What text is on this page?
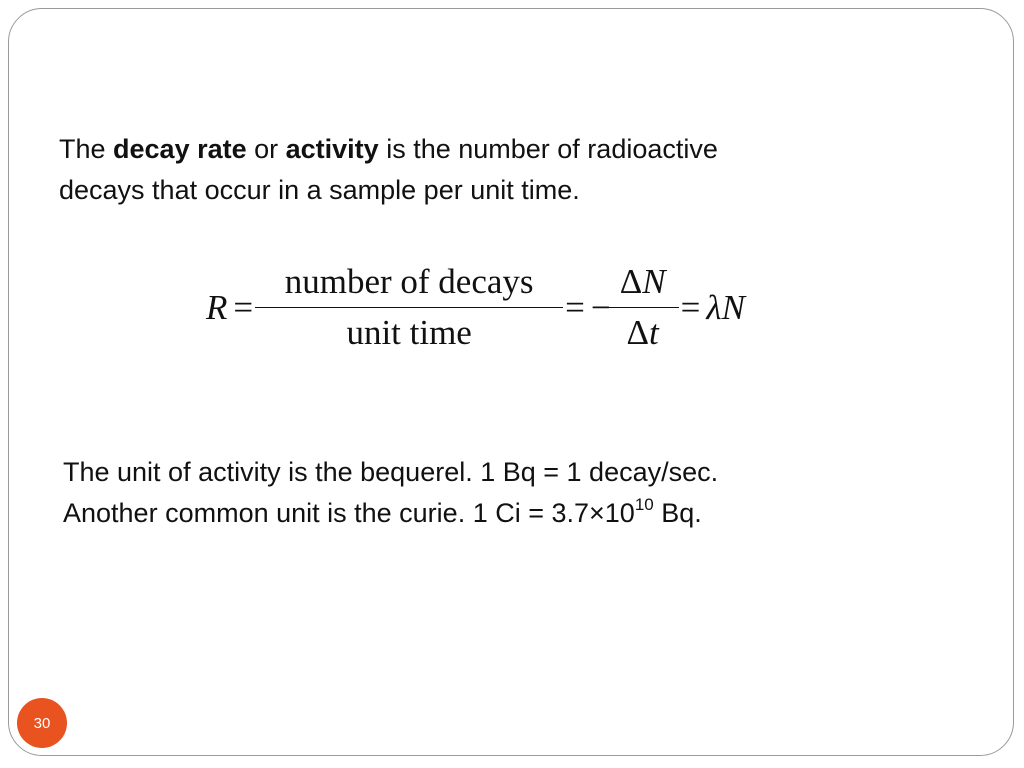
The decay rate or activity is the number of radioactive
decays that occur in a sample per unit time.

$R = \frac{\text{number of decays}}{\text{unit time}}$ = − $\frac{\Delta N}{\Delta t} = \lambda$ N

The unit of activity is the bequerel. 1 Bq = 1 decay/sec.
Another common unit is the curie. 1 $Ci = 3.7\times 10^{10}$ Bq.

30
